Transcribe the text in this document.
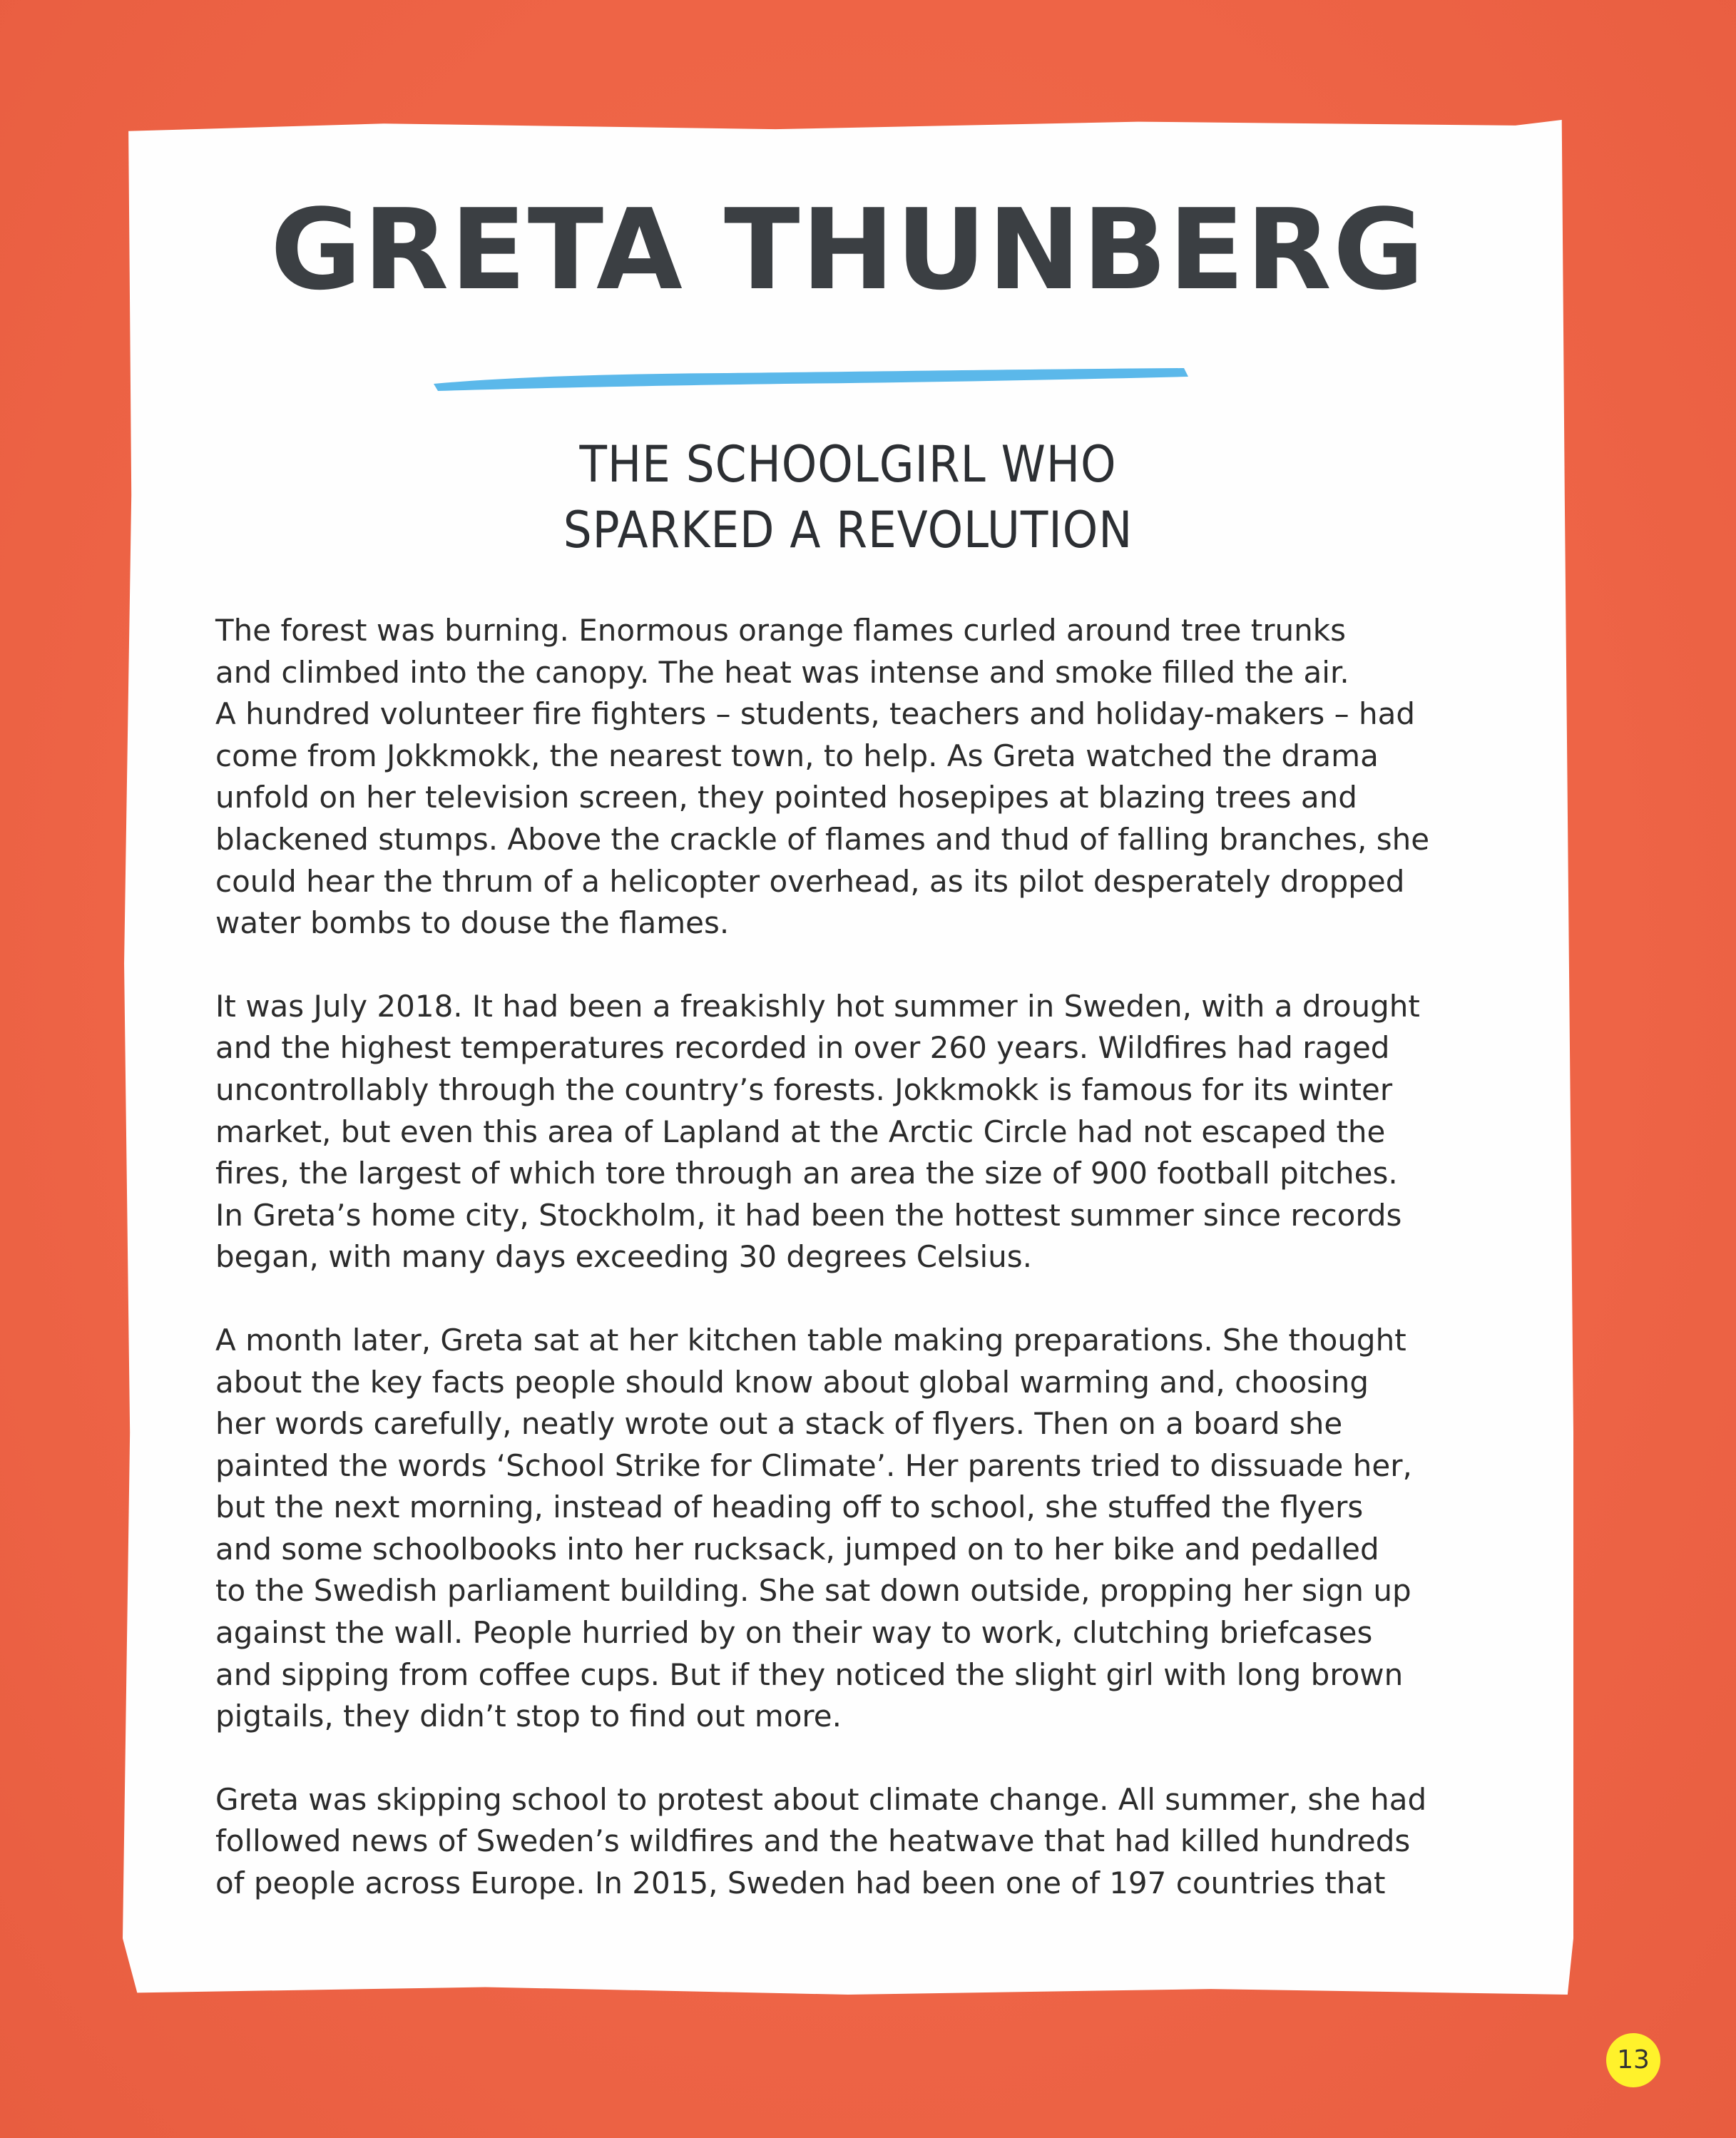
GRETA THUNBERG
THE SCHOOLGIRL WHO
SPARKED A REVOLUTION

The forest was burning. Enormous orange flames curled around tree trunks
and climbed into the canopy. The heat was intense and smoke filled the air.
A hundred volunteer fire fighters – students, teachers and holiday-makers – had
come from Jokkmokk, the nearest town, to help. As Greta watched the drama
unfold on her television screen, they pointed hosepipes at blazing trees and
blackened stumps. Above the crackle of flames and thud of falling branches, she
could hear the thrum of a helicopter overhead, as its pilot desperately dropped
water bombs to douse the flames.

It was July 2018. It had been a freakishly hot summer in Sweden, with a drought
and the highest temperatures recorded in over 260 years. Wildfires had raged
uncontrollably through the country’s forests. Jokkmokk is famous for its winter
market, but even this area of Lapland at the Arctic Circle had not escaped the
fires, the largest of which tore through an area the size of 900 football pitches.
In Greta’s home city, Stockholm, it had been the hottest summer since records
began, with many days exceeding 30 degrees Celsius.

A month later, Greta sat at her kitchen table making preparations. She thought
about the key facts people should know about global warming and, choosing
her words carefully, neatly wrote out a stack of flyers. Then on a board she
painted the words ‘School Strike for Climate’. Her parents tried to dissuade her,
but the next morning, instead of heading off to school, she stuffed the flyers
and some schoolbooks into her rucksack, jumped on to her bike and pedalled
to the Swedish parliament building. She sat down outside, propping her sign up
against the wall. People hurried by on their way to work, clutching briefcases
and sipping from coffee cups. But if they noticed the slight girl with long brown
pigtails, they didn’t stop to find out more.

Greta was skipping school to protest about climate change. All summer, she had
followed news of Sweden’s wildfires and the heatwave that had killed hundreds
of people across Europe. In 2015, Sweden had been one of 197 countries that

13
